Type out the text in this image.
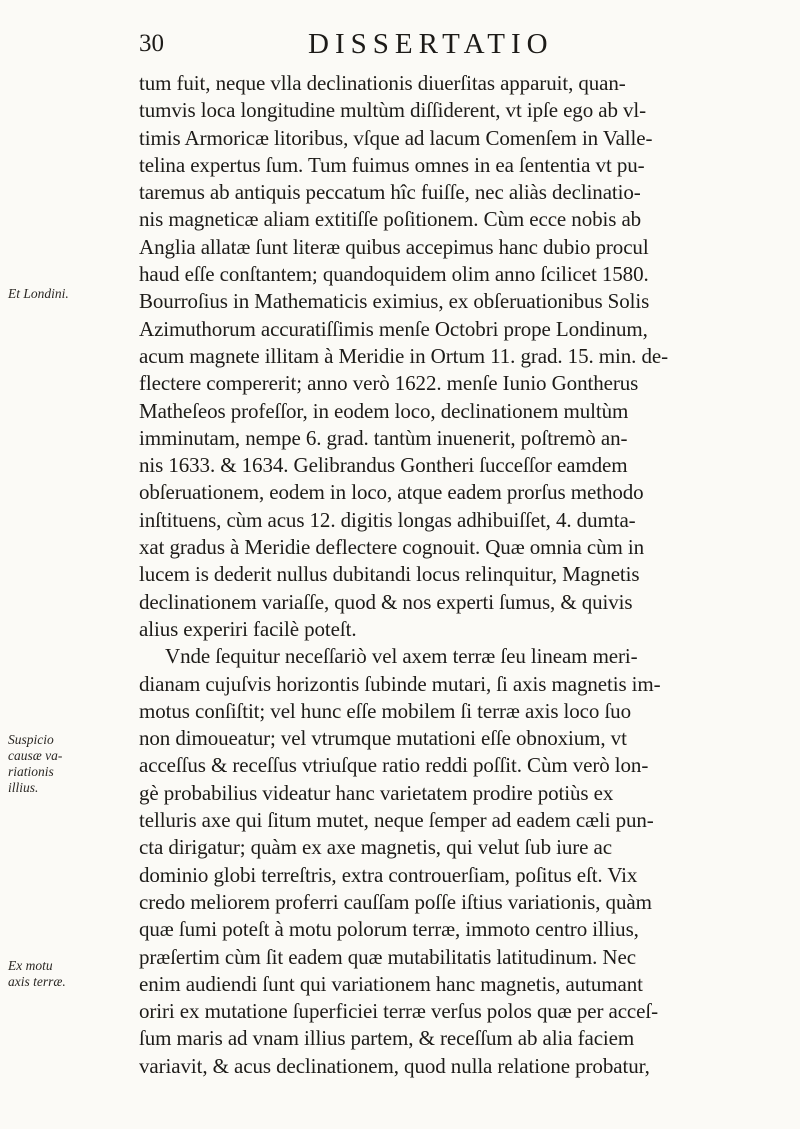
30	DISSERTATIO
Et Londini.
Suspicio
causæ va-
riationis
illius.
Ex motu
axis terræ.
tum fuit, neque vlla declinationis diuerſitas apparuit, quan-
tumvis loca longitudine multùm diſſiderent, vt ipſe ego ab vl-
timis Armoricæ litoribus, vſque ad lacum Comenſem in Valle-
telina expertus ſum. Tum fuimus omnes in ea ſententia vt pu-
taremus ab antiquis peccatum hîc fuiſſe, nec aliàs declinatio-
nis magneticæ aliam extitiſſe poſitionem. Cùm ecce nobis ab
Anglia allatæ ſunt literæ quibus accepimus hanc dubio procul
haud eſſe conſtantem; quandoquidem olim anno ſcilicet 1580.
Bourroſius in Mathematicis eximius, ex obſeruationibus Solis
Azimuthorum accuratiſſimis menſe Octobri prope Londinum,
acum magnete illitam à Meridie in Ortum 11. grad. 15. min. de-
flectere compererit; anno verò 1622. menſe Iunio Gontherus
Matheſeos profeſſor, in eodem loco, declinationem multùm
imminutam, nempe 6. grad. tantùm inuenerit, poſtremò an-
nis 1633. & 1634. Gelibrandus Gontheri ſucceſſor eamdem
obſeruationem, eodem in loco, atque eadem prorſus methodo
inſtituens, cùm acus 12. digitis longas adhibuiſſet, 4. dumta-
xat gradus à Meridie deflectere cognouit. Quæ omnia cùm in
lucem is dederit nullus dubitandi locus relinquitur, Magnetis
declinationem variaſſe, quod & nos experti ſumus, & quivis
alius experiri facilè poteſt.
Vnde ſequitur neceſſariò vel axem terræ ſeu lineam meri-
dianam cujuſvis horizontis ſubinde mutari, ſi axis magnetis im-
motus conſiſtit; vel hunc eſſe mobilem ſi terræ axis loco ſuo
non dimoueatur; vel vtrumque mutationi eſſe obnoxium, vt
acceſſus & receſſus vtriuſque ratio reddi poſſit. Cùm verò lon-
gè probabilius videatur hanc varietatem prodire potiùs ex
telluris axe qui ſitum mutet, neque ſemper ad eadem cæli pun-
cta dirigatur; quàm ex axe magnetis, qui velut ſub iure ac
dominio globi terreſtris, extra controuerſiam, poſitus eſt. Vix
credo meliorem proferri cauſſam poſſe iſtius variationis, quàm
quæ ſumi poteſt à motu polorum terræ, immoto centro illius,
præſertim cùm ſit eadem quæ mutabilitatis latitudinum. Nec
enim audiendi ſunt qui variationem hanc magnetis, autumant
oriri ex mutatione ſuperficiei terræ verſus polos quæ per acceſ-
ſum maris ad vnam illius partem, & receſſum ab alia faciem
variavit, & acus declinationem, quod nulla relatione probatur,
